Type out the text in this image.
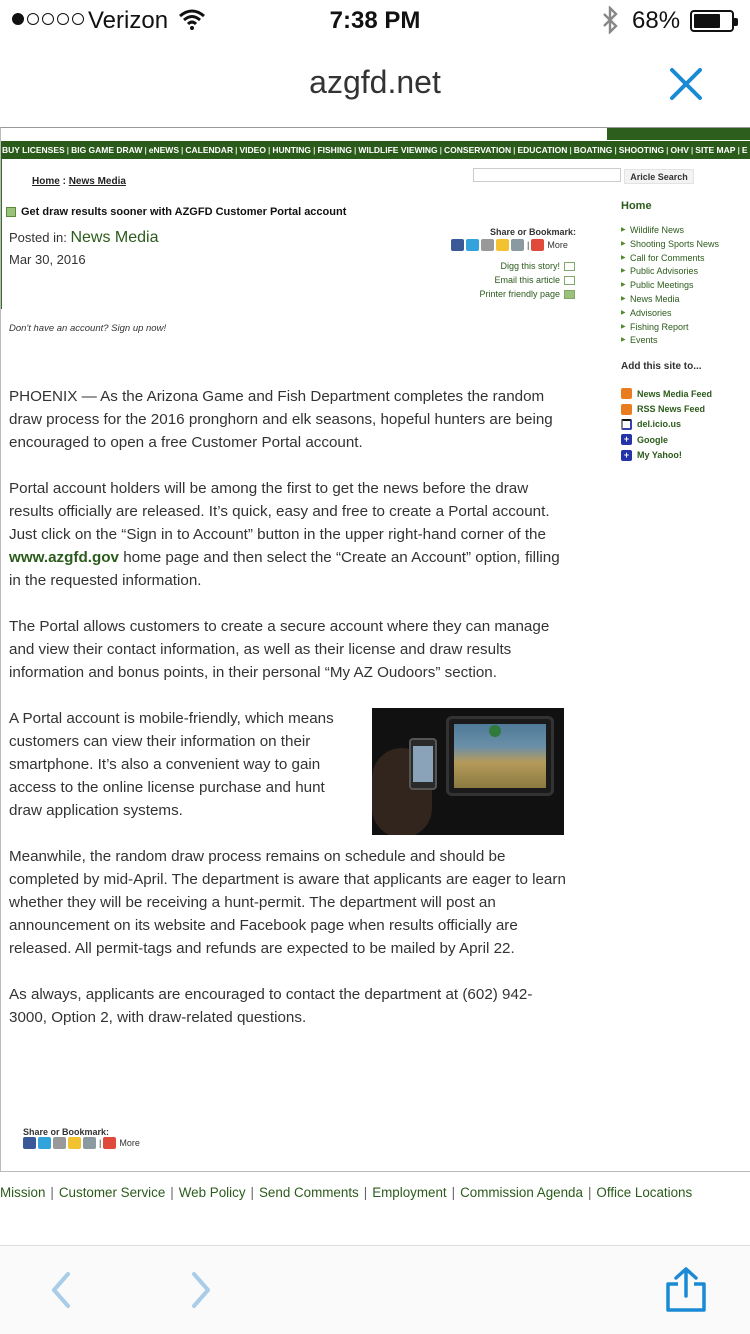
Verizon	7:38 PM	68%
azgfd.net
BUY LICENSES | BIG GAME DRAW | eNEWS | CALENDAR | VIDEO | HUNTING | FISHING | WILDLIFE VIEWING | CONSERVATION | EDUCATION | BOATING | SHOOTING | OHV | SITE MAP | E
Home : News Media	Aricle Search
Get draw results sooner with AZGFD Customer Portal account
Posted in: News Media
Mar 30, 2016
Share or Bookmark:
| More
Digg this story!
Email this article
Printer friendly page
Don't have an account? Sign up now!

PHOENIX — As the Arizona Game and Fish Department completes the random draw process for the 2016 pronghorn and elk seasons, hopeful hunters are being encouraged to open a free Customer Portal account.

Portal account holders will be among the first to get the news before the draw results officially are released. It’s quick, easy and free to create a Portal account. Just click on the “Sign in to Account” button in the upper right-hand corner of the www.azgfd.gov home page and then select the “Create an Account” option, filling in the requested information.

The Portal allows customers to create a secure account where they can manage and view their contact information, as well as their license and draw results information and bonus points, in their personal “My AZ Oudoors” section.

A Portal account is mobile-friendly, which means customers can view their information on their smartphone. It’s also a convenient way to gain access to the online license purchase and hunt draw application systems.

Meanwhile, the random draw process remains on schedule and should be completed by mid-April. The department is aware that applicants are eager to learn whether they will be receiving a hunt-permit. The department will post an announcement on its website and Facebook page when results officially are released. All permit-tags and refunds are expected to be mailed by April 22.

As always, applicants are encouraged to contact the department at (602) 942-3000, Option 2, with draw-related questions.

Share or Bookmark:
| More
Home
▶ Wildlife News
▶ Shooting Sports News
▶ Call for Comments
▶ Public Advisories
▶ Public Meetings
▶ News Media
▶ Advisories
▶ Fishing Report
▶ Events
Add this site to...
News Media Feed
RSS News Feed
del.icio.us
+ Google
+ My Yahoo!
Mission | Customer Service | Web Policy | Send Comments | Employment | Commission Agenda | Office Locations
